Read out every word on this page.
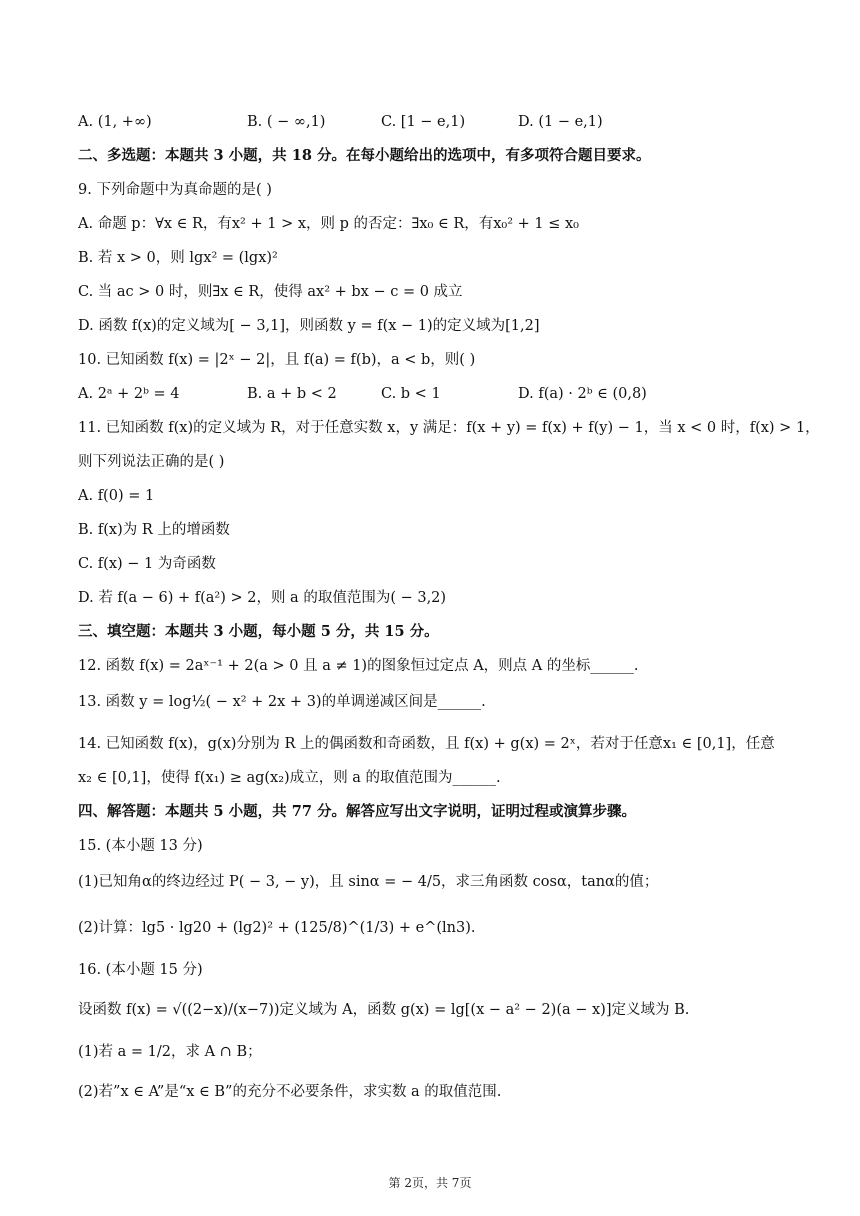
A. (1, +∞)	B. ( − ∞,1)	C. [1 − e,1)	D. (1 − e,1)
二、多选题：本题共 3 小题，共 18 分。在每小题给出的选项中，有多项符合题目要求。
9. 下列命题中为真命题的是( )
A. 命题 p：∀x ∈ R，有x² + 1 > x，则 p 的否定：∃x₀ ∈ R，有x₀² + 1 ≤ x₀
B. 若 x > 0，则 lgx² = (lgx)²
C. 当 ac > 0 时，则∃x ∈ R，使得 ax² + bx − c = 0 成立
D. 函数 f(x)的定义域为[ − 3,1]，则函数 y = f(x − 1)的定义域为[1,2]
10. 已知函数 f(x) = |2ˣ − 2|，且 f(a) = f(b)，a < b，则( )
A. 2ᵃ + 2ᵇ = 4	B. a + b < 2	C. b < 1	D. f(a) · 2ᵇ ∈ (0,8)
11. 已知函数 f(x)的定义域为 R，对于任意实数 x，y 满足：f(x + y) = f(x) + f(y) − 1，当 x < 0 时，f(x) > 1，
则下列说法正确的是( )
A. f(0) = 1
B. f(x)为 R 上的增函数
C. f(x) − 1 为奇函数
D. 若 f(a − 6) + f(a²) > 2，则 a 的取值范围为( − 3,2)
三、填空题：本题共 3 小题，每小题 5 分，共 15 分。
12. 函数 f(x) = 2aˣ⁻¹ + 2(a > 0 且 a ≠ 1)的图象恒过定点 A，则点 A 的坐标______.
13. 函数 y = log½( − x² + 2x + 3)的单调递减区间是______.
14. 已知函数 f(x)，g(x)分别为 R 上的偶函数和奇函数，且 f(x) + g(x) = 2ˣ，若对于任意x₁ ∈ [0,1]，任意
x₂ ∈ [0,1]，使得 f(x₁) ≥ ag(x₂)成立，则 a 的取值范围为______.
四、解答题：本题共 5 小题，共 77 分。解答应写出文字说明，证明过程或演算步骤。
15. (本小题 13 分)
(1)已知角α的终边经过 P( − 3, − y)，且 sinα = − 4/5，求三角函数 cosα，tanα的值；
(2)计算：lg5 · lg20 + (lg2)² + (125/8)^(1/3) + e^(ln3).
16. (本小题 15 分)
设函数 f(x) = √((2−x)/(x−7))定义域为 A，函数 g(x) = lg[(x − a² − 2)(a − x)]定义域为 B.
(1)若 a = 1/2，求 A ∩ B；
(2)若”x ∈ A”是“x ∈ B”的充分不必要条件，求实数 a 的取值范围.
第 2页，共 7页
